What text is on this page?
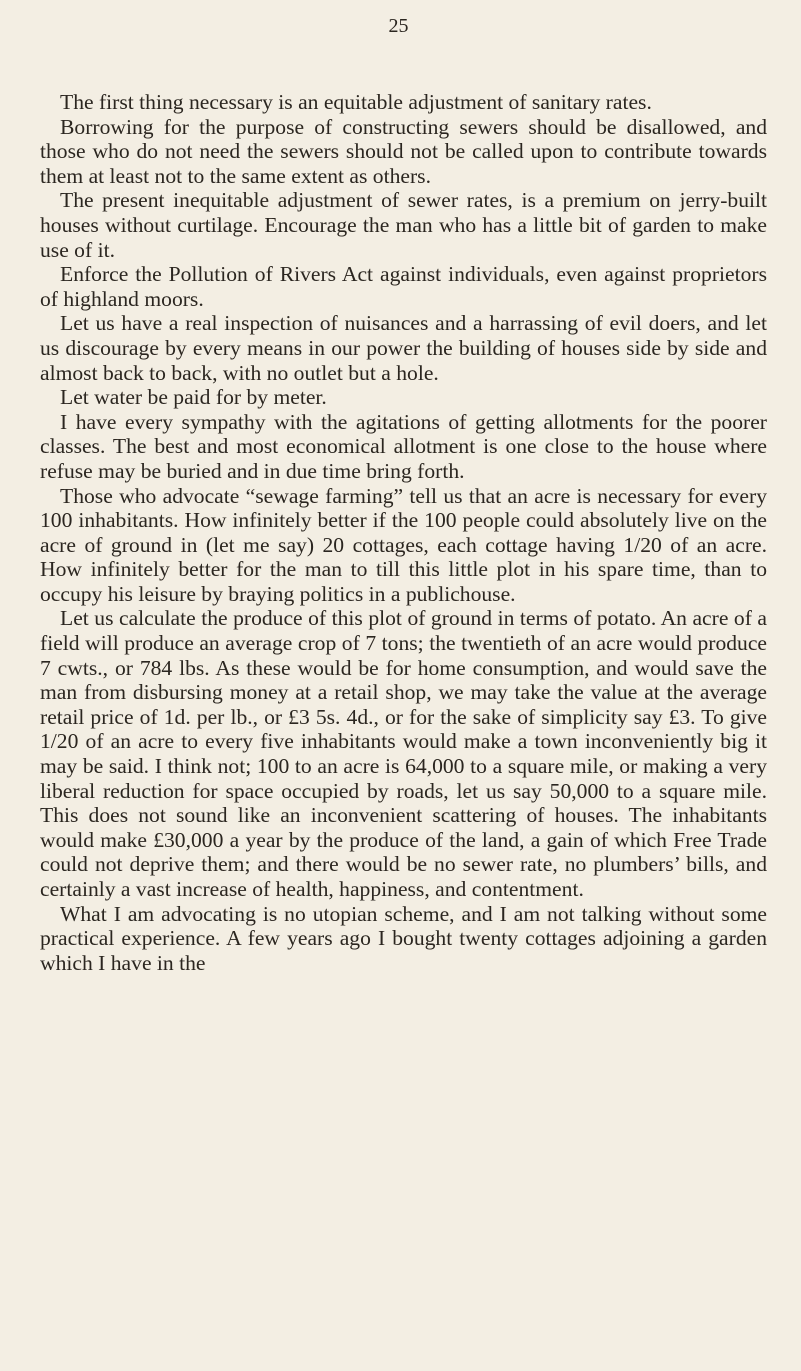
25

The first thing necessary is an equitable adjustment of sanitary rates.

Borrowing for the purpose of constructing sewers should be disallowed, and those who do not need the sewers should not be called upon to contribute towards them at least not to the same extent as others.

The present inequitable adjustment of sewer rates, is a premium on jerry-built houses without curtilage. Encourage the man who has a little bit of garden to make use of it.

Enforce the Pollution of Rivers Act against individuals, even against proprietors of highland moors.

Let us have a real inspection of nuisances and a harrassing of evil doers, and let us discourage by every means in our power the building of houses side by side and almost back to back, with no outlet but a hole.

Let water be paid for by meter.

I have every sympathy with the agitations of getting allotments for the poorer classes. The best and most economical allotment is one close to the house where refuse may be buried and in due time bring forth.

Those who advocate “sewage farming” tell us that an acre is necessary for every 100 inhabitants. How infinitely better if the 100 people could absolutely live on the acre of ground in (let me say) 20 cottages, each cottage having 1/20 of an acre. How infinitely better for the man to till this little plot in his spare time, than to occupy his leisure by braying politics in a publichouse.

Let us calculate the produce of this plot of ground in terms of potato. An acre of a field will produce an average crop of 7 tons; the twentieth of an acre would produce 7 cwts., or 784 lbs. As these would be for home consumption, and would save the man from disbursing money at a retail shop, we may take the value at the average retail price of 1d. per lb., or £3 5s. 4d., or for the sake of simplicity say £3. To give 1/20 of an acre to every five inhabitants would make a town inconveniently big it may be said. I think not; 100 to an acre is 64,000 to a square mile, or making a very liberal reduction for space occupied by roads, let us say 50,000 to a square mile. This does not sound like an inconvenient scattering of houses. The inhabitants would make £30,000 a year by the produce of the land, a gain of which Free Trade could not deprive them; and there would be no sewer rate, no plumbers’ bills, and certainly a vast increase of health, happiness, and contentment.

What I am advocating is no utopian scheme, and I am not talking without some practical experience. A few years ago I bought twenty cottages adjoining a garden which I have in the
